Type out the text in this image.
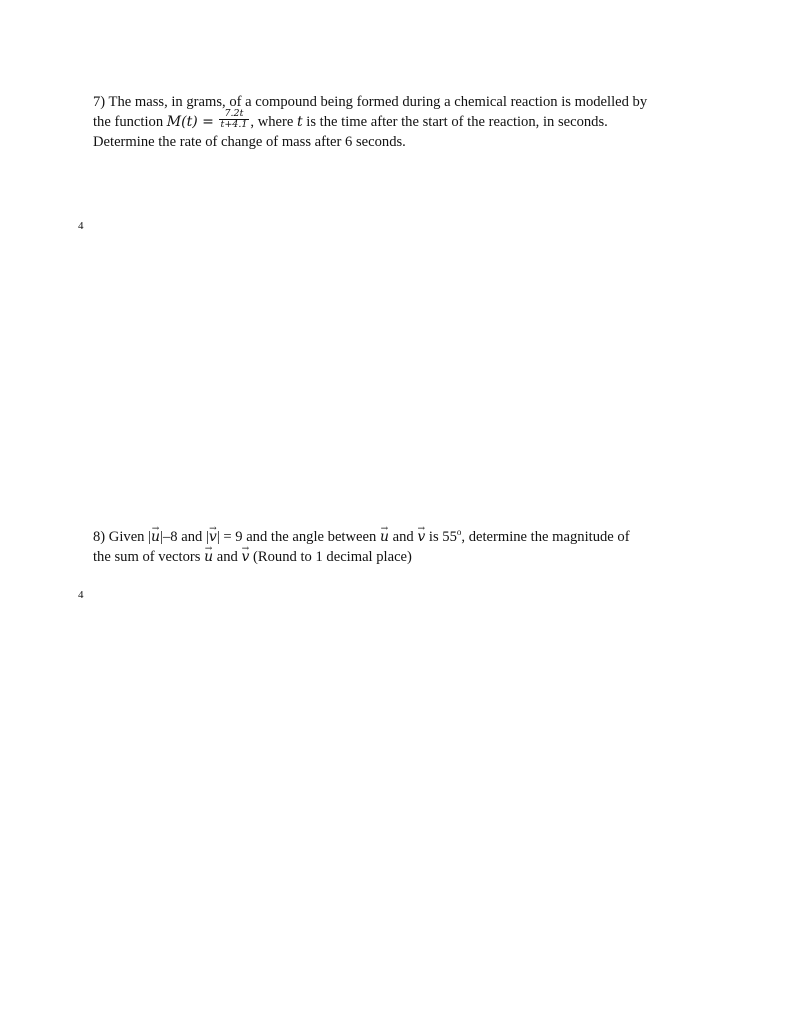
7) The mass, in grams, of a compound being formed during a chemical reaction is modelled by
the function $M(t) = \frac{7.2t}{t+4.1}$ , where t is the time after the start of the reaction, in seconds.
Determine the rate of change of mass after 6 seconds.
4
8) Given |→ u|–8 and |→ v| = 9 and the angle between → u and → v is 55$^o$, determine the magnitude of
the sum of vectors → u and → v (Round to 1 decimal place)
4
